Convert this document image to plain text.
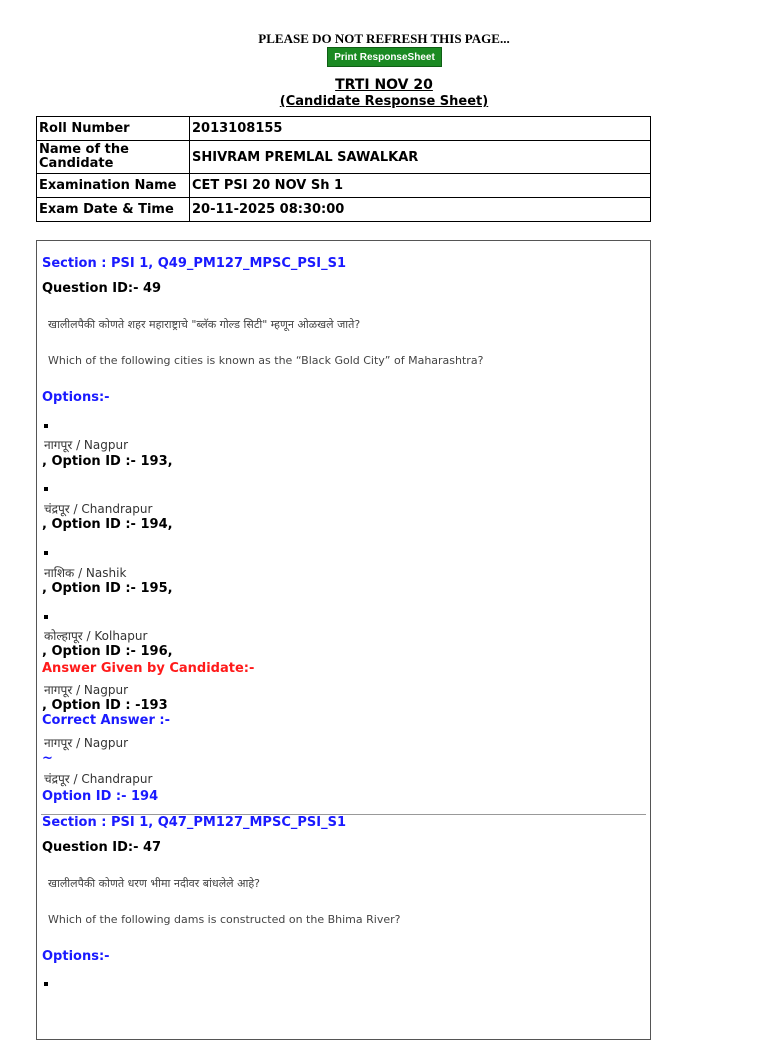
PLEASE DO NOT REFRESH THIS PAGE...
Print ResponseSheet
TRTI NOV 20
(Candidate Response Sheet)
Roll Number	2013108155
Name of the Candidate	SHIVRAM PREMLAL SAWALKAR
Examination Name	CET PSI 20 NOV Sh 1
Exam Date & Time	20-11-2025 08:30:00
Section : PSI 1, Q49_PM127_MPSC_PSI_S1
Question ID:- 49
खालीलपैकी कोणते शहर महाराष्ट्राचे "ब्लॅक गोल्ड सिटी" म्हणून ओळखले जाते?
Which of the following cities is known as the “Black Gold City” of Maharashtra?
Options:-
नागपूर / Nagpur
, Option ID :- 193,
चंद्रपूर / Chandrapur
, Option ID :- 194,
नाशिक / Nashik
, Option ID :- 195,
कोल्हापूर / Kolhapur
, Option ID :- 196,
Answer Given by Candidate:-
नागपूर / Nagpur
, Option ID : -193
Correct Answer :-
नागपूर / Nagpur
~
चंद्रपूर / Chandrapur
Option ID :- 194
Section : PSI 1, Q47_PM127_MPSC_PSI_S1
Question ID:- 47
खालीलपैकी कोणते धरण भीमा नदीवर बांधलेले आहे?
Which of the following dams is constructed on the Bhima River?
Options:-
